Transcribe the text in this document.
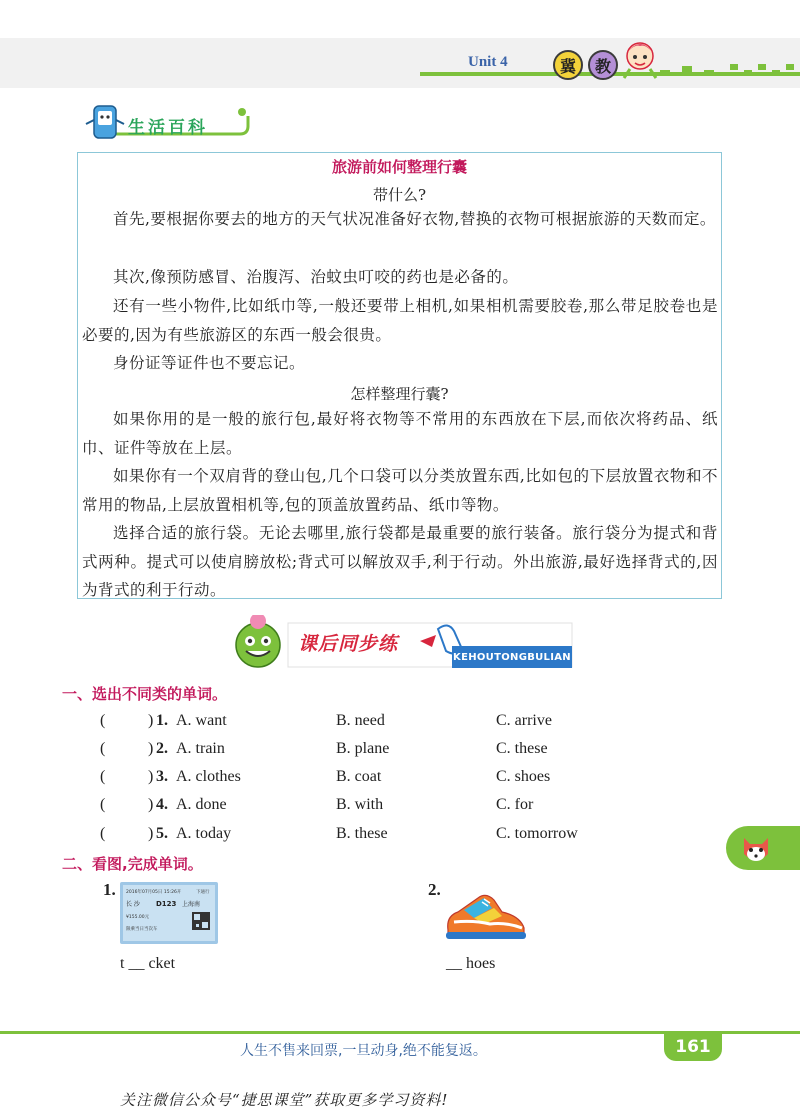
Unit 4	冀	教
生活百科
旅游前如何整理行囊
带什么?
首先,要根据你要去的地方的天气状况准备好衣物,替换的衣物可根据旅游的天数而定。
其次,像预防感冒、治腹泻、治蚊虫叮咬的药也是必备的。
还有一些小物件,比如纸巾等,一般还要带上相机,如果相机需要胶卷,那么带足胶卷也是必要的,因为有些旅游区的东西一般会很贵。
身份证等证件也不要忘记。
怎样整理行囊?
如果你用的是一般的旅行包,最好将衣物等不常用的东西放在下层,而依次将药品、纸巾、证件等放在上层。
如果你有一个双肩背的登山包,几个口袋可以分类放置东西,比如包的下层放置衣物和不常用的物品,上层放置相机等,包的顶盖放置药品、纸巾等物。
选择合适的旅行袋。无论去哪里,旅行袋都是最重要的旅行装备。旅行袋分为提式和背式两种。提式可以使肩膀放松;背式可以解放双手,利于行动。外出旅游,最好选择背式的,因为背式的利于行动。
课后同步练
KEHOUTONGBULIAN
一、选出不同类的单词。
(	) 1. A. want	B. need	C. arrive
(	) 2. A. train	B. plane	C. these
(	) 3. A. clothes	B. coat	C. shoes
(	) 4. A. done	B. with	C. for
(	) 5. A. today	B. these	C. tomorrow
二、看图,完成单词。
1. 2016年07月05日 15:26开	下通行
长 沙 D123 上海南
¥155.00元
限乘当日当次车
t __ cket
2.
__ hoes
人生不售来回票,一旦动身,绝不能复返。	161
关注微信公众号“捷思课堂”获取更多学习资料!
